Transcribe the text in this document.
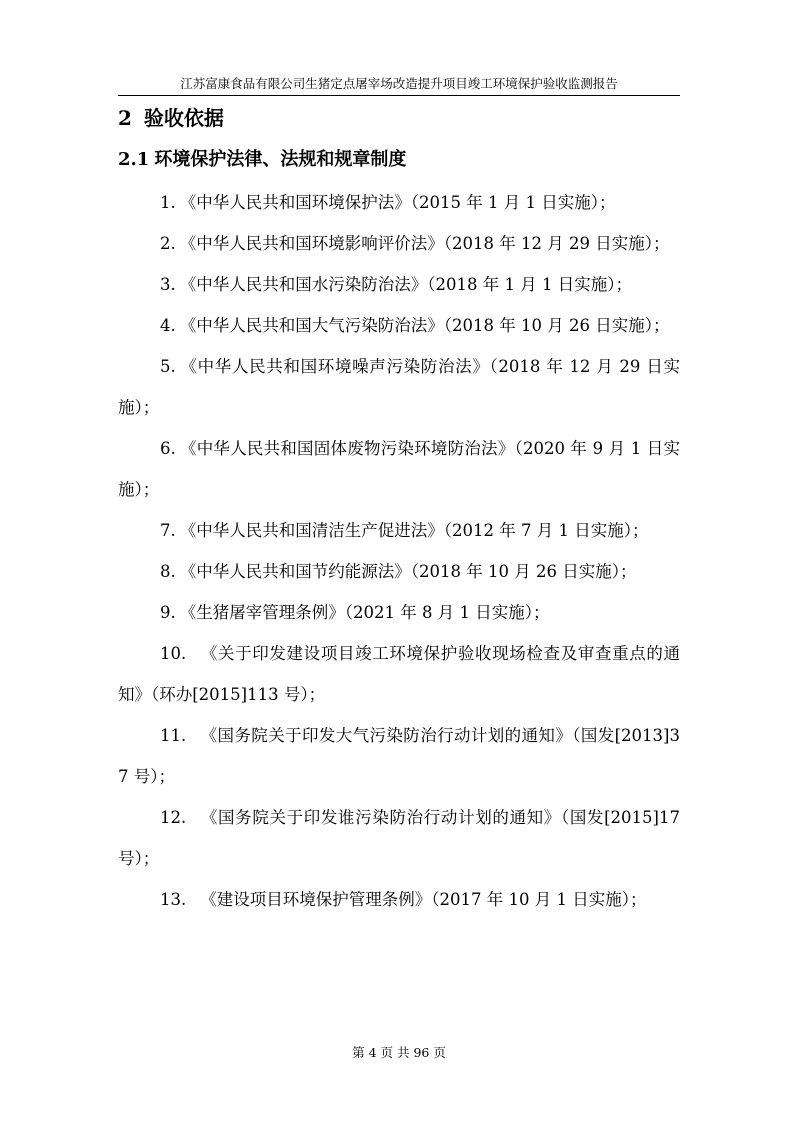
江苏富康食品有限公司生猪定点屠宰场改造提升项目竣工环境保护验收监测报告
2 验收依据
2.1 环境保护法律、法规和规章制度

1. 《中华人民共和国环境保护法》（2015 年 1 月 1 日实施）；

2. 《中华人民共和国环境影响评价法》（2018 年 12 月 29 日实施）；

3. 《中华人民共和国水污染防治法》（2018 年 1 月 1 日实施）；

4. 《中华人民共和国大气污染防治法》（2018 年 10 月 26 日实施）；

5. 《中华人民共和国环境噪声污染防治法》（2018 年 12 月 29 日实施）；

6. 《中华人民共和国固体废物污染环境防治法》（2020 年 9 月 1 日实施）；

7. 《中华人民共和国清洁生产促进法》（2012 年 7 月 1 日实施）；

8. 《中华人民共和国节约能源法》（2018 年 10 月 26 日实施）；

9. 《生猪屠宰管理条例》（2021 年 8 月 1 日实施）；

10. 《关于印发建设项目竣工环境保护验收现场检查及审查重点的通知》（环办[2015]113 号）；

11. 《国务院关于印发大气污染防治行动计划的通知》（国发[2013]37 号）；

12. 《国务院关于印发谁污染防治行动计划的通知》（国发[2015]17 号）；

13. 《建设项目环境保护管理条例》（2017 年 10 月 1 日实施）；

第 4 页 共 96 页
